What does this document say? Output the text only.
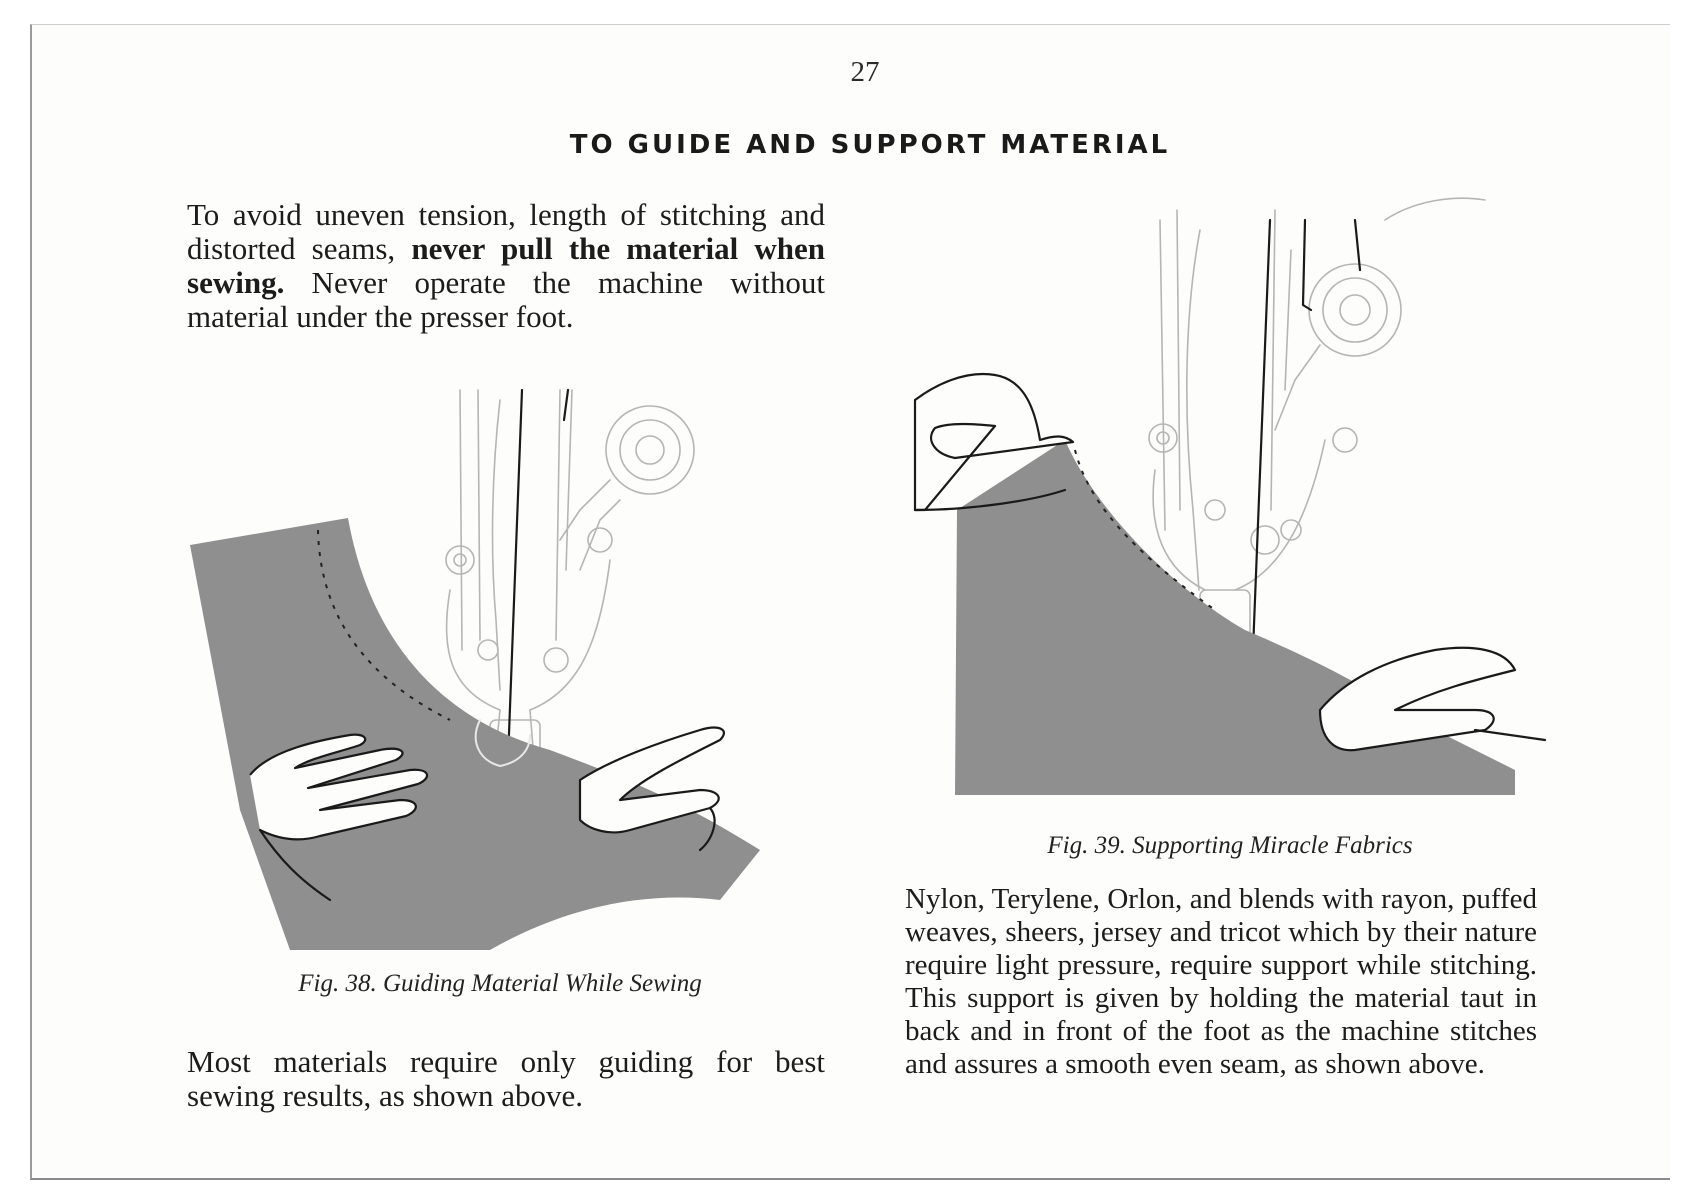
27
TO GUIDE AND SUPPORT MATERIAL

To avoid uneven tension, length of stitching and distorted seams, never pull the material when sewing. Never operate the machine without material under the presser foot.

Fig. 38. Guiding Material While Sewing
Fig. 39. Supporting Miracle Fabrics

Most materials require only guiding for best sewing results, as shown above.

Nylon, Terylene, Orlon, and blends with rayon, puffed weaves, sheers, jersey and tricot which by their nature require light pressure, require support while stitching. This support is given by holding the material taut in back and in front of the foot as the machine stitches and assures a smooth even seam, as shown above.
